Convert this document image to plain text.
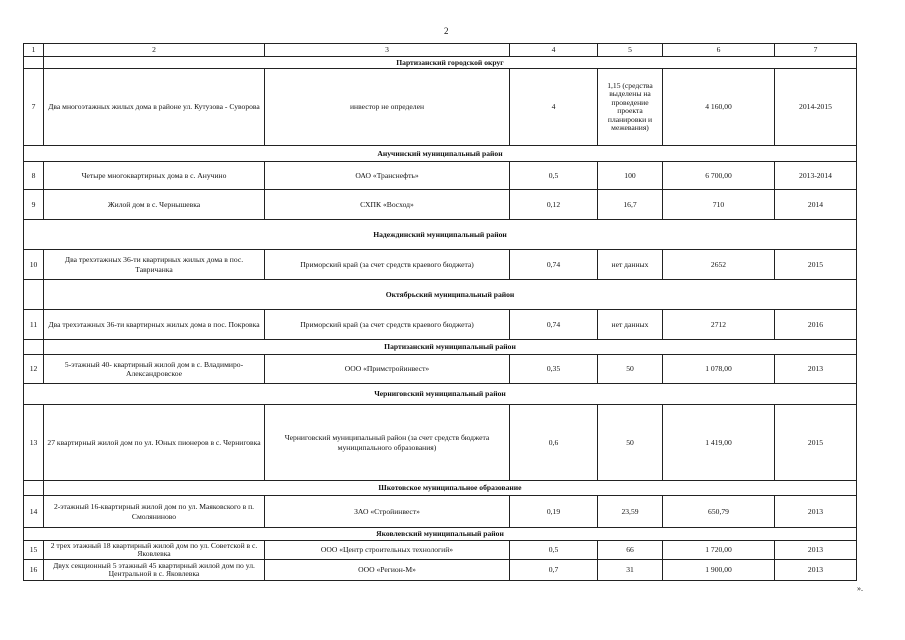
2
1	2	3	4	5	6	7
	Партизанский городской округ					
7	Два многоэтажных жилых дома в районе ул. Кутузова - Суворова	инвестор не определен	4	1,15 (средства выделены на проведение проекта планировки и межевания)	4 160,00	2014-2015
Анучинский муниципальный район						
8	Четыре многоквартирных дома в с. Анучино	ОАО «Транснефть»	0,5	100	6 700,00	2013-2014
9	Жилой дом в с. Чернышевка	СХПК «Восход»	0,12	16,7	710	2014
Надеждинский муниципальный район						
10	Два трехэтажных 36-ти квартирных жилых дома в пос. Тавричанка	Приморский край (за счет средств краевого бюджета)	0,74	нет данных	2652	2015
	Октябрьский муниципальный район					
11	Два трехэтажных 36-ти квартирных жилых дома в пос. Покровка	Приморский край (за счет средств краевого бюджета)	0,74	нет данных	2712	2016
	Партизанский муниципальный район					
12	5-этажный 40- квартирный жилой дом в с. Владимиро-Александровское	ООО «Примстройинвест»	0,35	50	1 078,00	2013
Черниговский муниципальный район						
13	27 квартирный жилой дом по ул. Юных пионеров в с. Черниговка	Черниговский муниципальный район (за счет средств бюджета муниципального образования)	0,6	50	1 419,00	2015
	Шкотовское муниципальное образование					
14	2-этажный 16-квартирный жилой дом по ул. Маяковского в п. Смоляниново	ЗАО «Стройинвест»	0,19	23,59	650,79	2013
Яковлевский муниципальный район						
15	2 трех этажный 18 квартирный жилой дом по ул. Советской в с. Яковлевка	ООО «Центр строительных технологий»	0,5	66	1 720,00	2013
16	Двух секционный 5 этажный 45 квартирный жилой дом по ул. Центральной в с. Яковлевка	ООО «Регион-М»	0,7	31	1 900,00	2013
».
